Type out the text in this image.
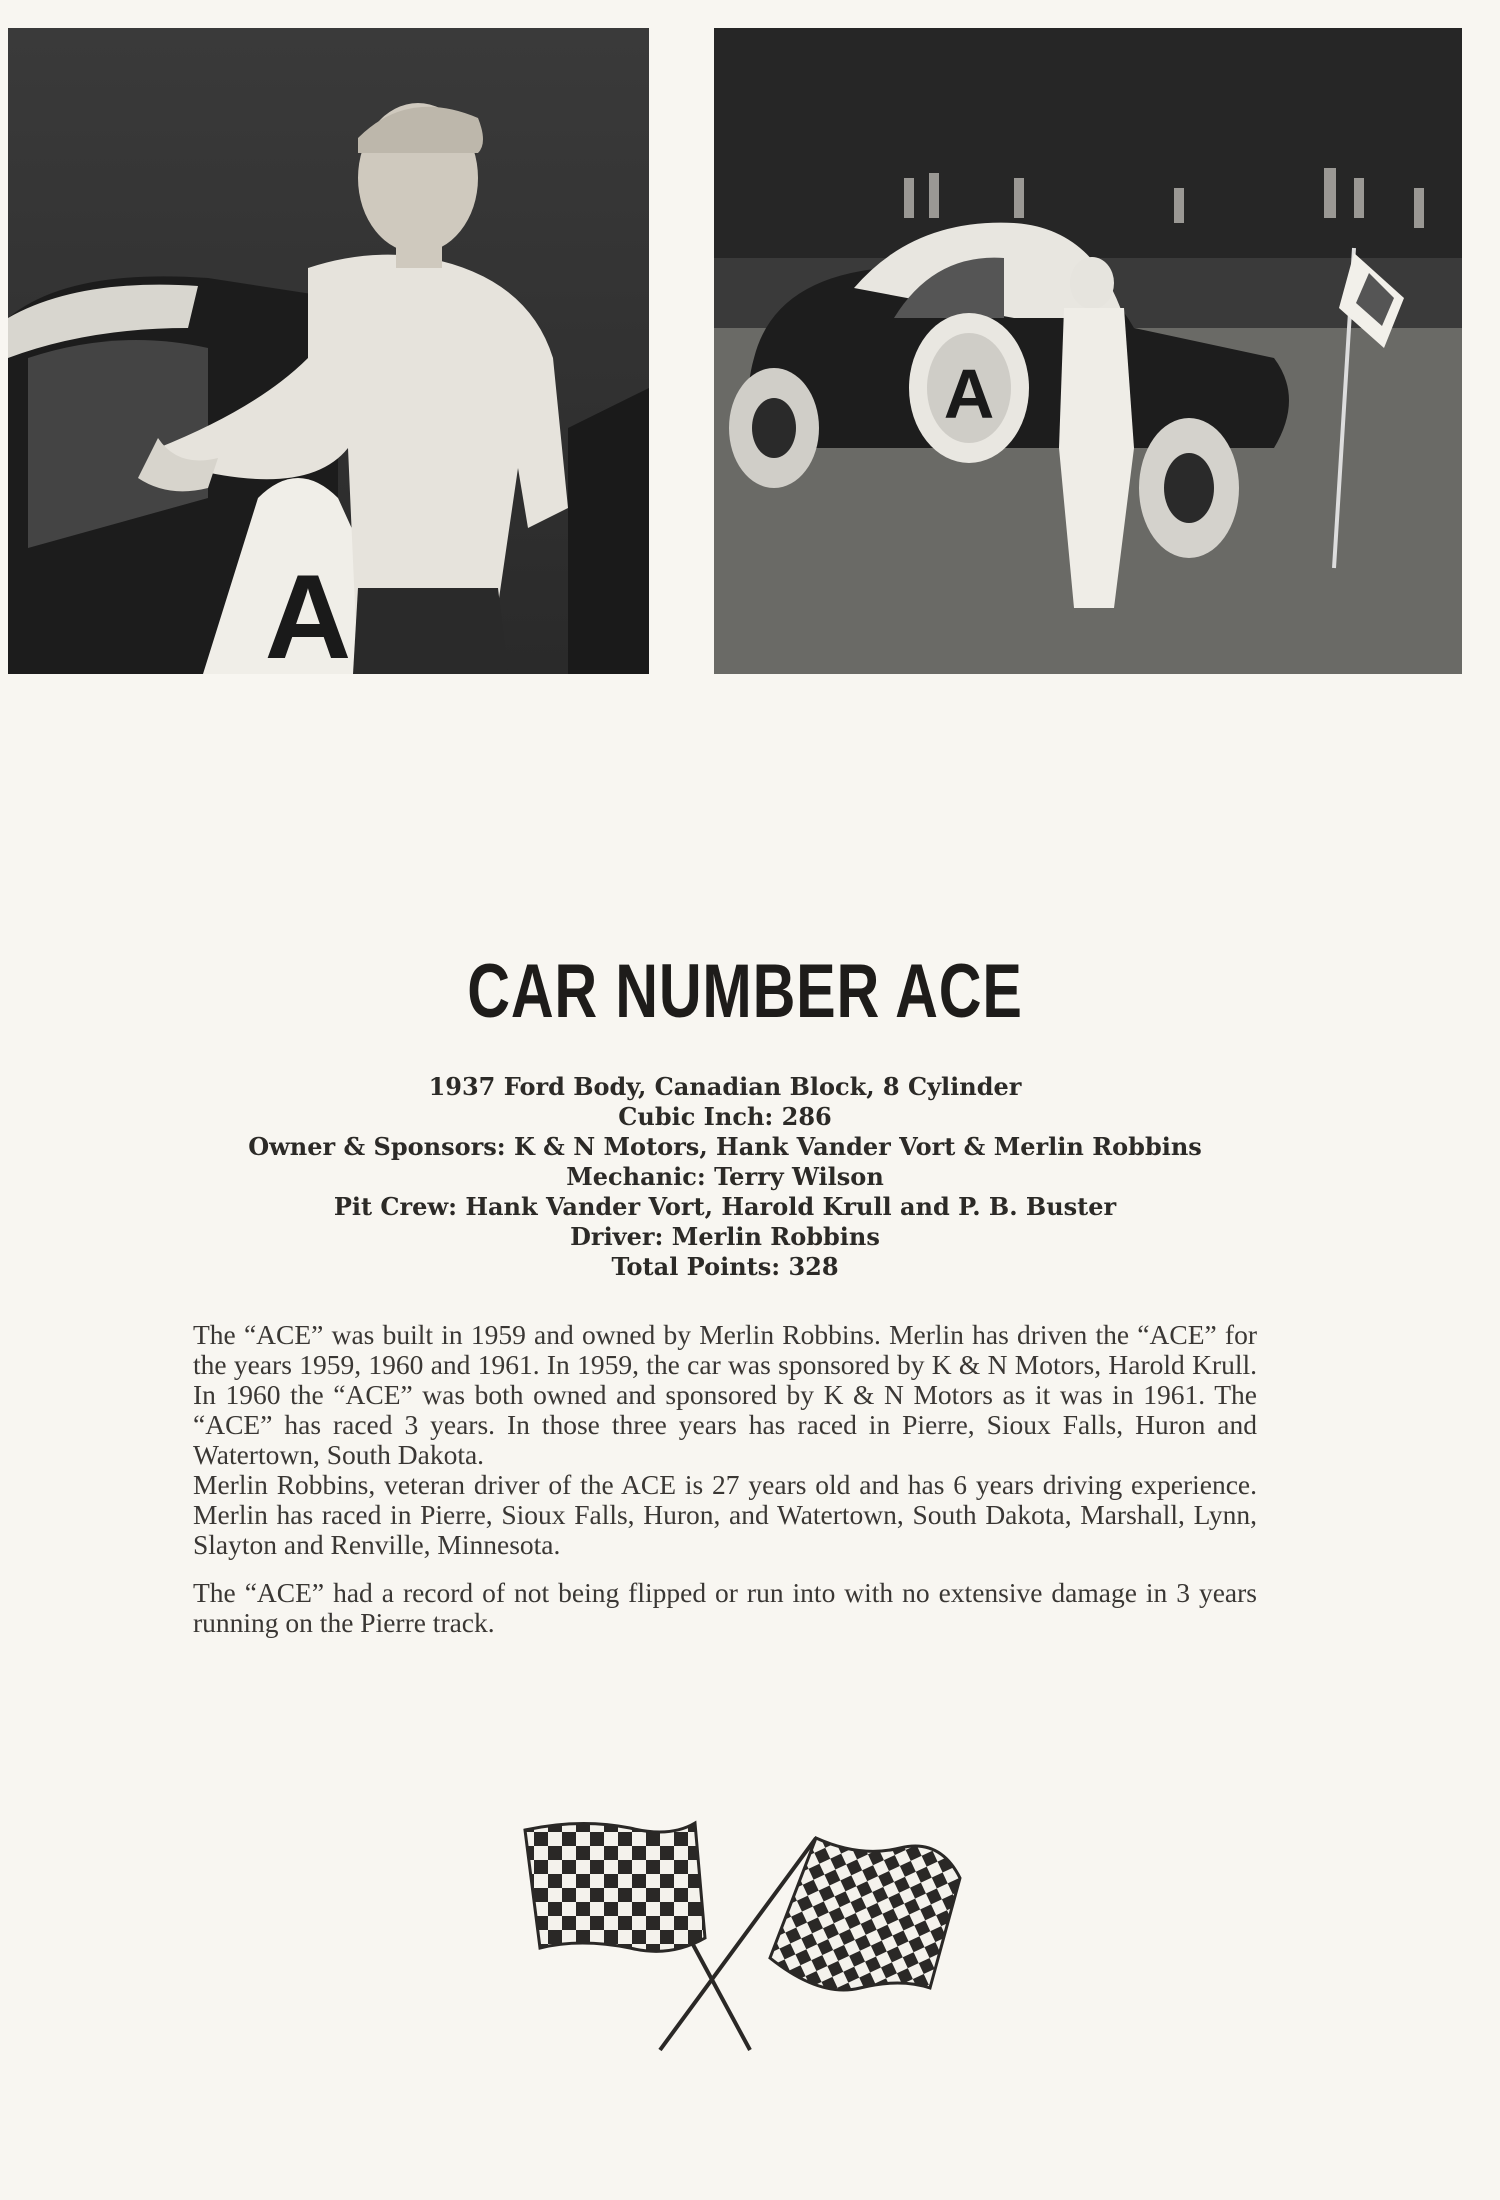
A
A
CAR NUMBER ACE
1937 Ford Body, Canadian Block, 8 Cylinder
Cubic Inch: 286
Owner & Sponsors: K & N Motors, Hank Vander Vort & Merlin Robbins
Mechanic: Terry Wilson
Pit Crew: Hank Vander Vort, Harold Krull and P. B. Buster
Driver: Merlin Robbins
Total Points: 328

The “ACE” was built in 1959 and owned by Merlin Robbins. Merlin has driven the “ACE” for the years 1959, 1960 and 1961. In 1959, the car was sponsored by K & N Motors, Harold Krull. In 1960 the “ACE” was both owned and sponsored by K & N Motors as it was in 1961. The “ACE” has raced 3 years. In those three years has raced in Pierre, Sioux Falls, Huron and Watertown, South Dakota.

Merlin Robbins, veteran driver of the ACE is 27 years old and has 6 years driving experience. Merlin has raced in Pierre, Sioux Falls, Huron, and Watertown, South Dakota, Marshall, Lynn, Slayton and Renville, Minnesota.

The “ACE” had a record of not being flipped or run into with no extensive damage in 3 years running on the Pierre track.
